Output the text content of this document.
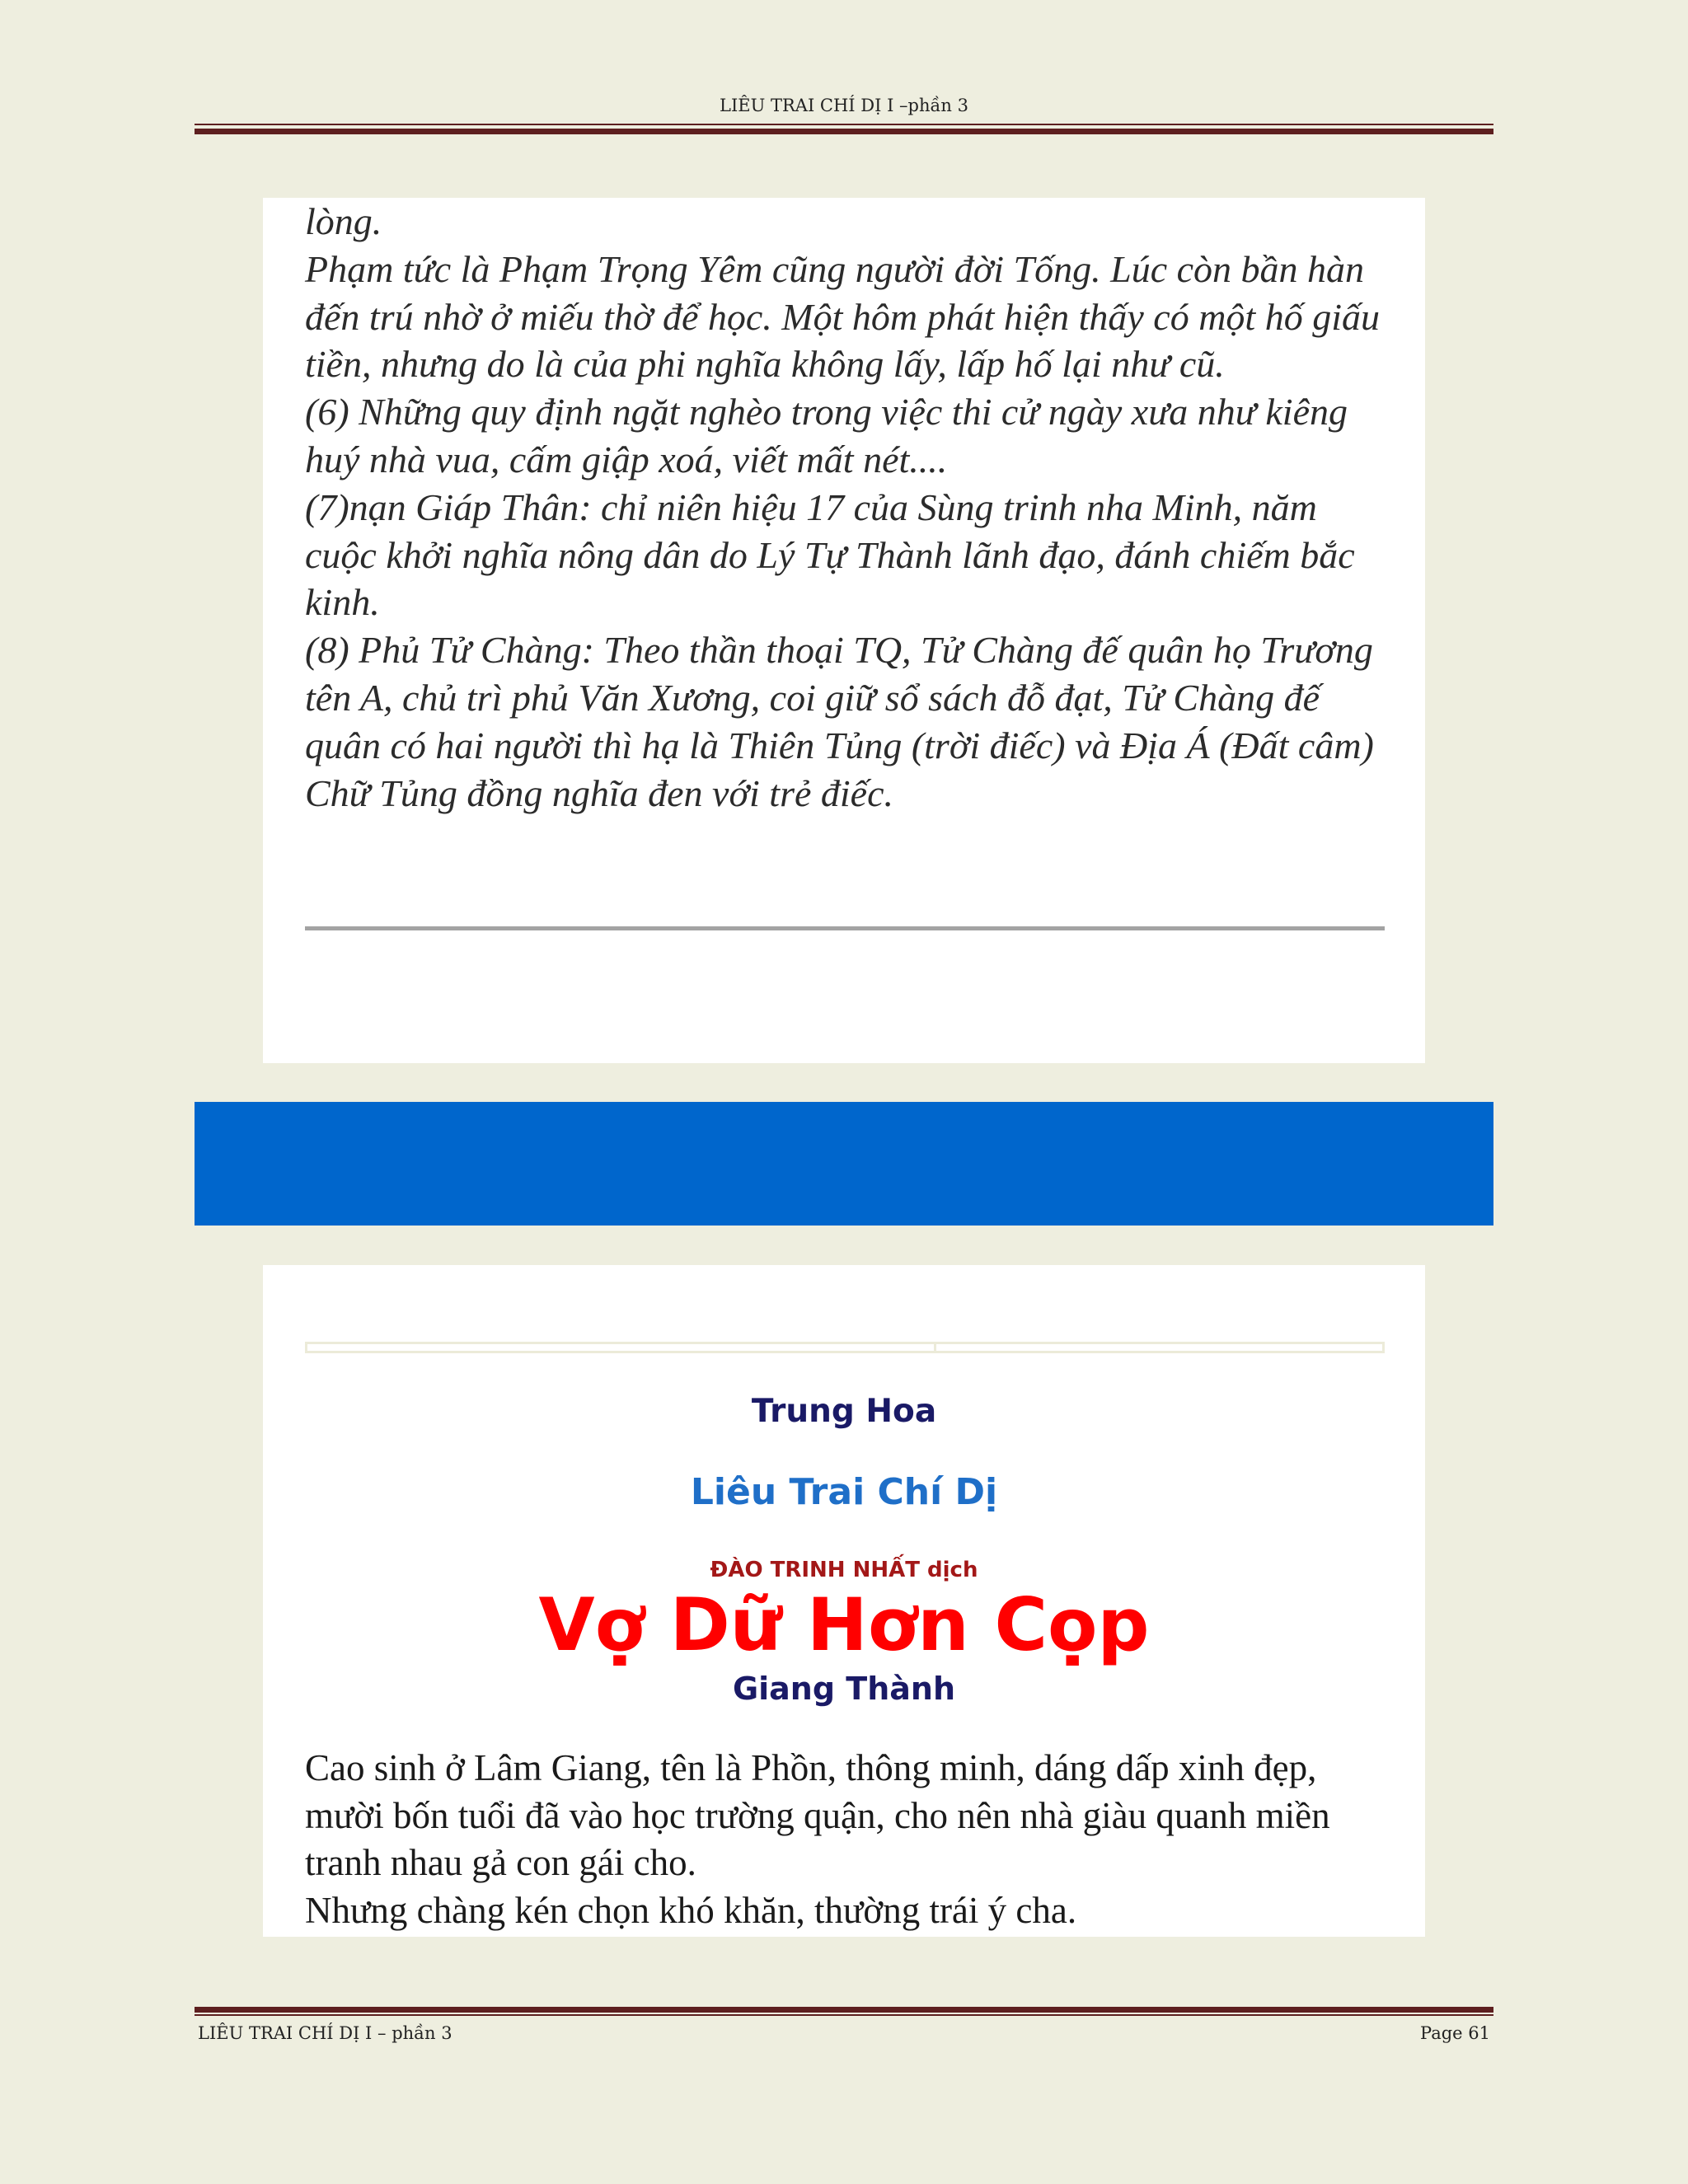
LIÊU TRAI CHÍ DỊ I –phần 3

lòng.

Phạm tức là Phạm Trọng Yêm cũng người đời Tống. Lúc còn bần hàn đến trú nhờ ở miếu thờ để học. Một hôm phát hiện thấy có một hố giấu tiền, nhưng do là của phi nghĩa không lấy, lấp hố lại như cũ.

(6) Những quy định ngặt nghèo trong việc thi cử ngày xưa như kiêng huý nhà vua, cấm giập xoá, viết mất nét....

(7)nạn Giáp Thân: chỉ niên hiệu 17 của Sùng trinh nha Minh, năm cuộc khởi nghĩa nông dân do Lý Tự Thành lãnh đạo, đánh chiếm bắc kinh.

(8) Phủ Tử Chàng: Theo thần thoại TQ, Tử Chàng đế quân họ Trương tên A, chủ trì phủ Văn Xương, coi giữ sổ sách đỗ đạt, Tử Chàng đế quân có hai người thì hạ là Thiên Tủng (trời điếc) và Địa Á (Đất câm) Chữ Tủng đồng nghĩa đen với trẻ điếc.

Trung Hoa
Liêu Trai Chí Dị
ĐÀO TRINH NHẤT dịch
Vợ Dữ Hơn Cọp
Giang Thành

Cao sinh ở Lâm Giang, tên là Phồn, thông minh, dáng dấp xinh đẹp, mười bốn tuổi đã vào học trường quận, cho nên nhà giàu quanh miền tranh nhau gả con gái cho.

Nhưng chàng kén chọn khó khăn, thường trái ý cha.

LIÊU TRAI CHÍ DỊ I – phần 3	Page 61
